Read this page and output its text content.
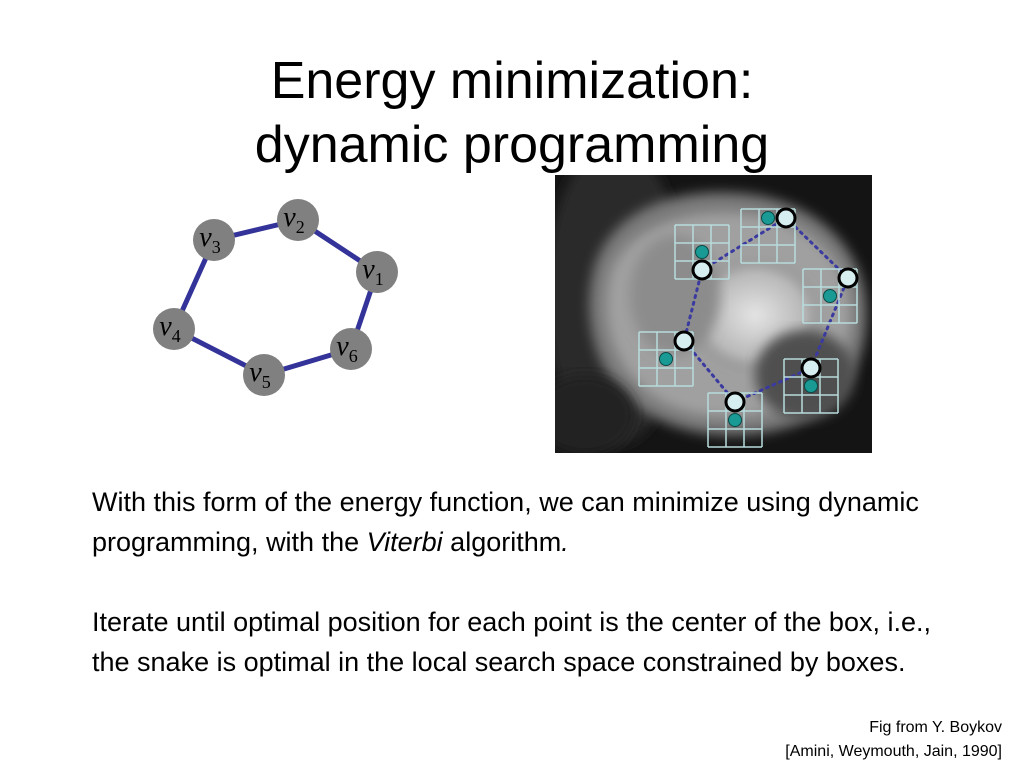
Energy minimization:
dynamic programming
$v_1$
$v_2$
$v_3$
$v_4$
$v_5$
$v_6$

With this form of the energy function, we can minimize using dynamic programming, with the Viterbi algorithm.

Iterate until optimal position for each point is the center of the box, i.e., the snake is optimal in the local search space constrained by boxes.

Fig from Y. Boykov
[Amini, Weymouth, Jain, 1990]
